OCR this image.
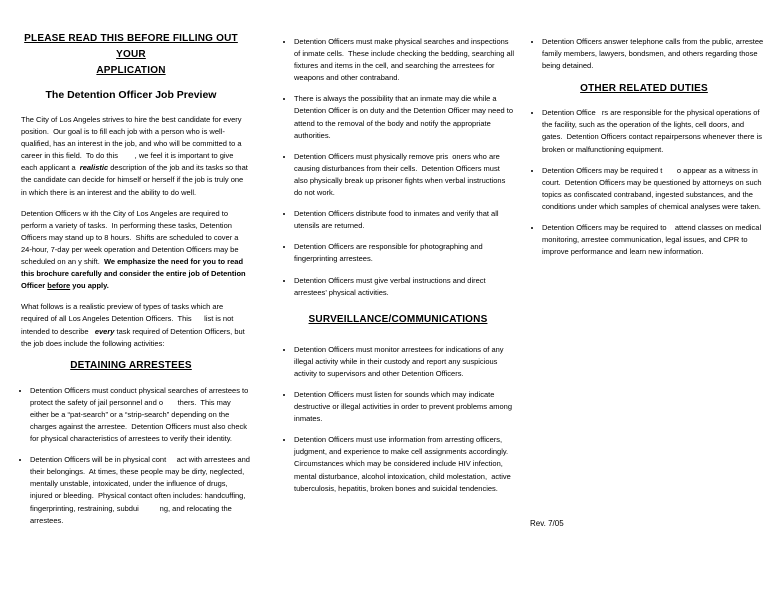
PLEASE READ THIS BEFORE FILLING OUT YOUR
APPLICATION
The Detention Officer Job Preview

The City of Los Angeles strives to hire the best candidate for every position.  Our goal is to fill each job with a person who is well-qualified, has an interest in the job, and who will be committed to a career in this field.  To do this        , we feel it is important to give each applicant a  realistic description of the job and its tasks so that the candidate can decide for himself or herself if the job is truly one in which there is an interest and the ability to do well.

Detention Officers w ith the City of Los Angeles are required to perform a variety of tasks.  In performing these tasks, Detention Officers may stand up to 8 hours.  Shifts are scheduled to cover a 24-hour, 7-day per week operation and Detention Officers may be scheduled on an y shift.  We emphasize the need for you to read this brochure carefully and consider the entire job of Detention Officer before you apply.

What follows is a realistic preview of types of tasks which are required of all Los Angeles Detention Officers.  This      list is not intended to describe   every task required of Detention Officers, but the job does include the following activities:

DETAINING ARRESTEES
• Detention Officers must conduct physical searches of arrestees to protect the safety of jail personnel and o       thers.  This may either be a “pat-search” or a “strip-search” depending on the charges against the arrestee.  Detention Officers must also check for physical characteristics of arrestees to verify their identity.
• Detention Officers will be in physical cont     act with arrestees and their belongings.  At times, these people may be dirty, neglected, mentally unstable, intoxicated, under the influence of drugs, injured or bleeding.  Physical contact often includes: handcuffing, fingerprinting, restraining, subdui          ng, and relocating the arrestees.
• Detention Officers must make physical searches and inspections of inmate cells.  These include checking the bedding, searching all fixtures and items in the cell, and searching the arrestees for weapons and other contraband.
• There is always the possibility that an inmate may die while a Detention Officer is on duty and the Detention Officer may need to attend to the removal of the body and notify the appropriate authorities.
• Detention Officers must physically remove pris  oners who are causing disturbances from their cells.  Detention Officers must also physically break up prisoner fights when verbal instructions do not work.
• Detention Officers distribute food to inmates and verify that all utensils are returned.
• Detention Officers are responsible for photographing and fingerprinting arrestees.
• Detention Officers must give verbal instructions and direct arrestees’ physical activities.
SURVEILLANCE/COMMUNICATIONS
• Detention Officers must monitor arrestees for indications of any illegal activity while in their custody and report any suspicious activity to supervisors and other Detention Officers.
• Detention Officers must listen for sounds which may indicate destructive or illegal activities in order to prevent problems among inmates.
• Detention Officers must use information from arresting officers, judgment, and experience to make cell assignments accordingly.  Circumstances which may be considered include HIV infection, mental disturbance, alcohol intoxication, child molestation,  active tuberculosis, hepatitis, broken bones and suicidal tendencies.
• Detention Officers answer telephone calls from the public, arrestee family members, lawyers, bondsmen, and others regarding those being detained.
OTHER RELATED DUTIES
• Detention Office   rs are responsible for the physical operations of the facility, such as the operation of the lights, cell doors, and gates.  Detention Officers contact repairpersons whenever there is broken or malfunctioning equipment.
• Detention Officers may be required t       o appear as a witness in court.  Detention Officers may be questioned by attorneys on such topics as confiscated contraband, ingested substances, and the conditions under which samples of chemical analyses were taken.
• Detention Officers may be required to    attend classes on medical monitoring, arrestee communication, legal issues, and CPR to improve performance and learn new information.
Rev. 7/05
